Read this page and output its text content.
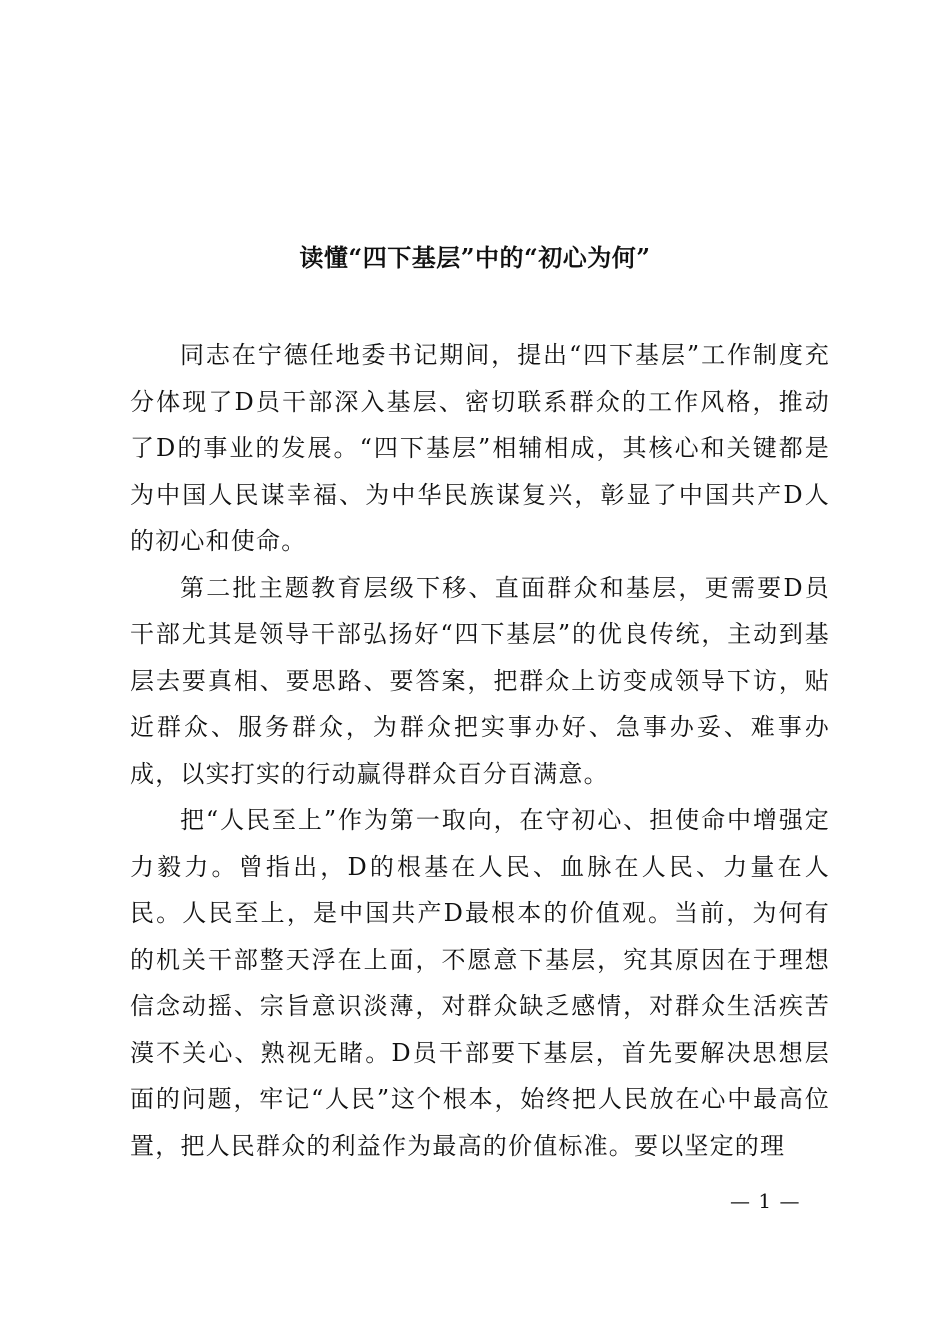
读懂“四下基层”中的“初心为何”

同志在宁德任地委书记期间，提出“四下基层”工作制度充分体现了D员干部深入基层、密切联系群众的工作风格，推动了D的事业的发展。“四下基层”相辅相成，其核心和关键都是为中国人民谋幸福、为中华民族谋复兴，彰显了中国共产D人的初心和使命。

第二批主题教育层级下移、直面群众和基层，更需要D员干部尤其是领导干部弘扬好“四下基层”的优良传统，主动到基层去要真相、要思路、要答案，把群众上访变成领导下访，贴近群众、服务群众，为群众把实事办好、急事办妥、难事办成，以实打实的行动赢得群众百分百满意。

把“人民至上”作为第一取向，在守初心、担使命中增强定力毅力。曾指出，D的根基在人民、血脉在人民、力量在人民。人民至上，是中国共产D最根本的价值观。当前，为何有的机关干部整天浮在上面，不愿意下基层，究其原因在于理想信念动摇、宗旨意识淡薄，对群众缺乏感情，对群众生活疾苦漠不关心、熟视无睹。D员干部要下基层，首先要解决思想层面的问题，牢记“人民”这个根本，始终把人民放在心中最高位置，把人民群众的利益作为最高的价值标准。要以坚定的理

— 1 —
